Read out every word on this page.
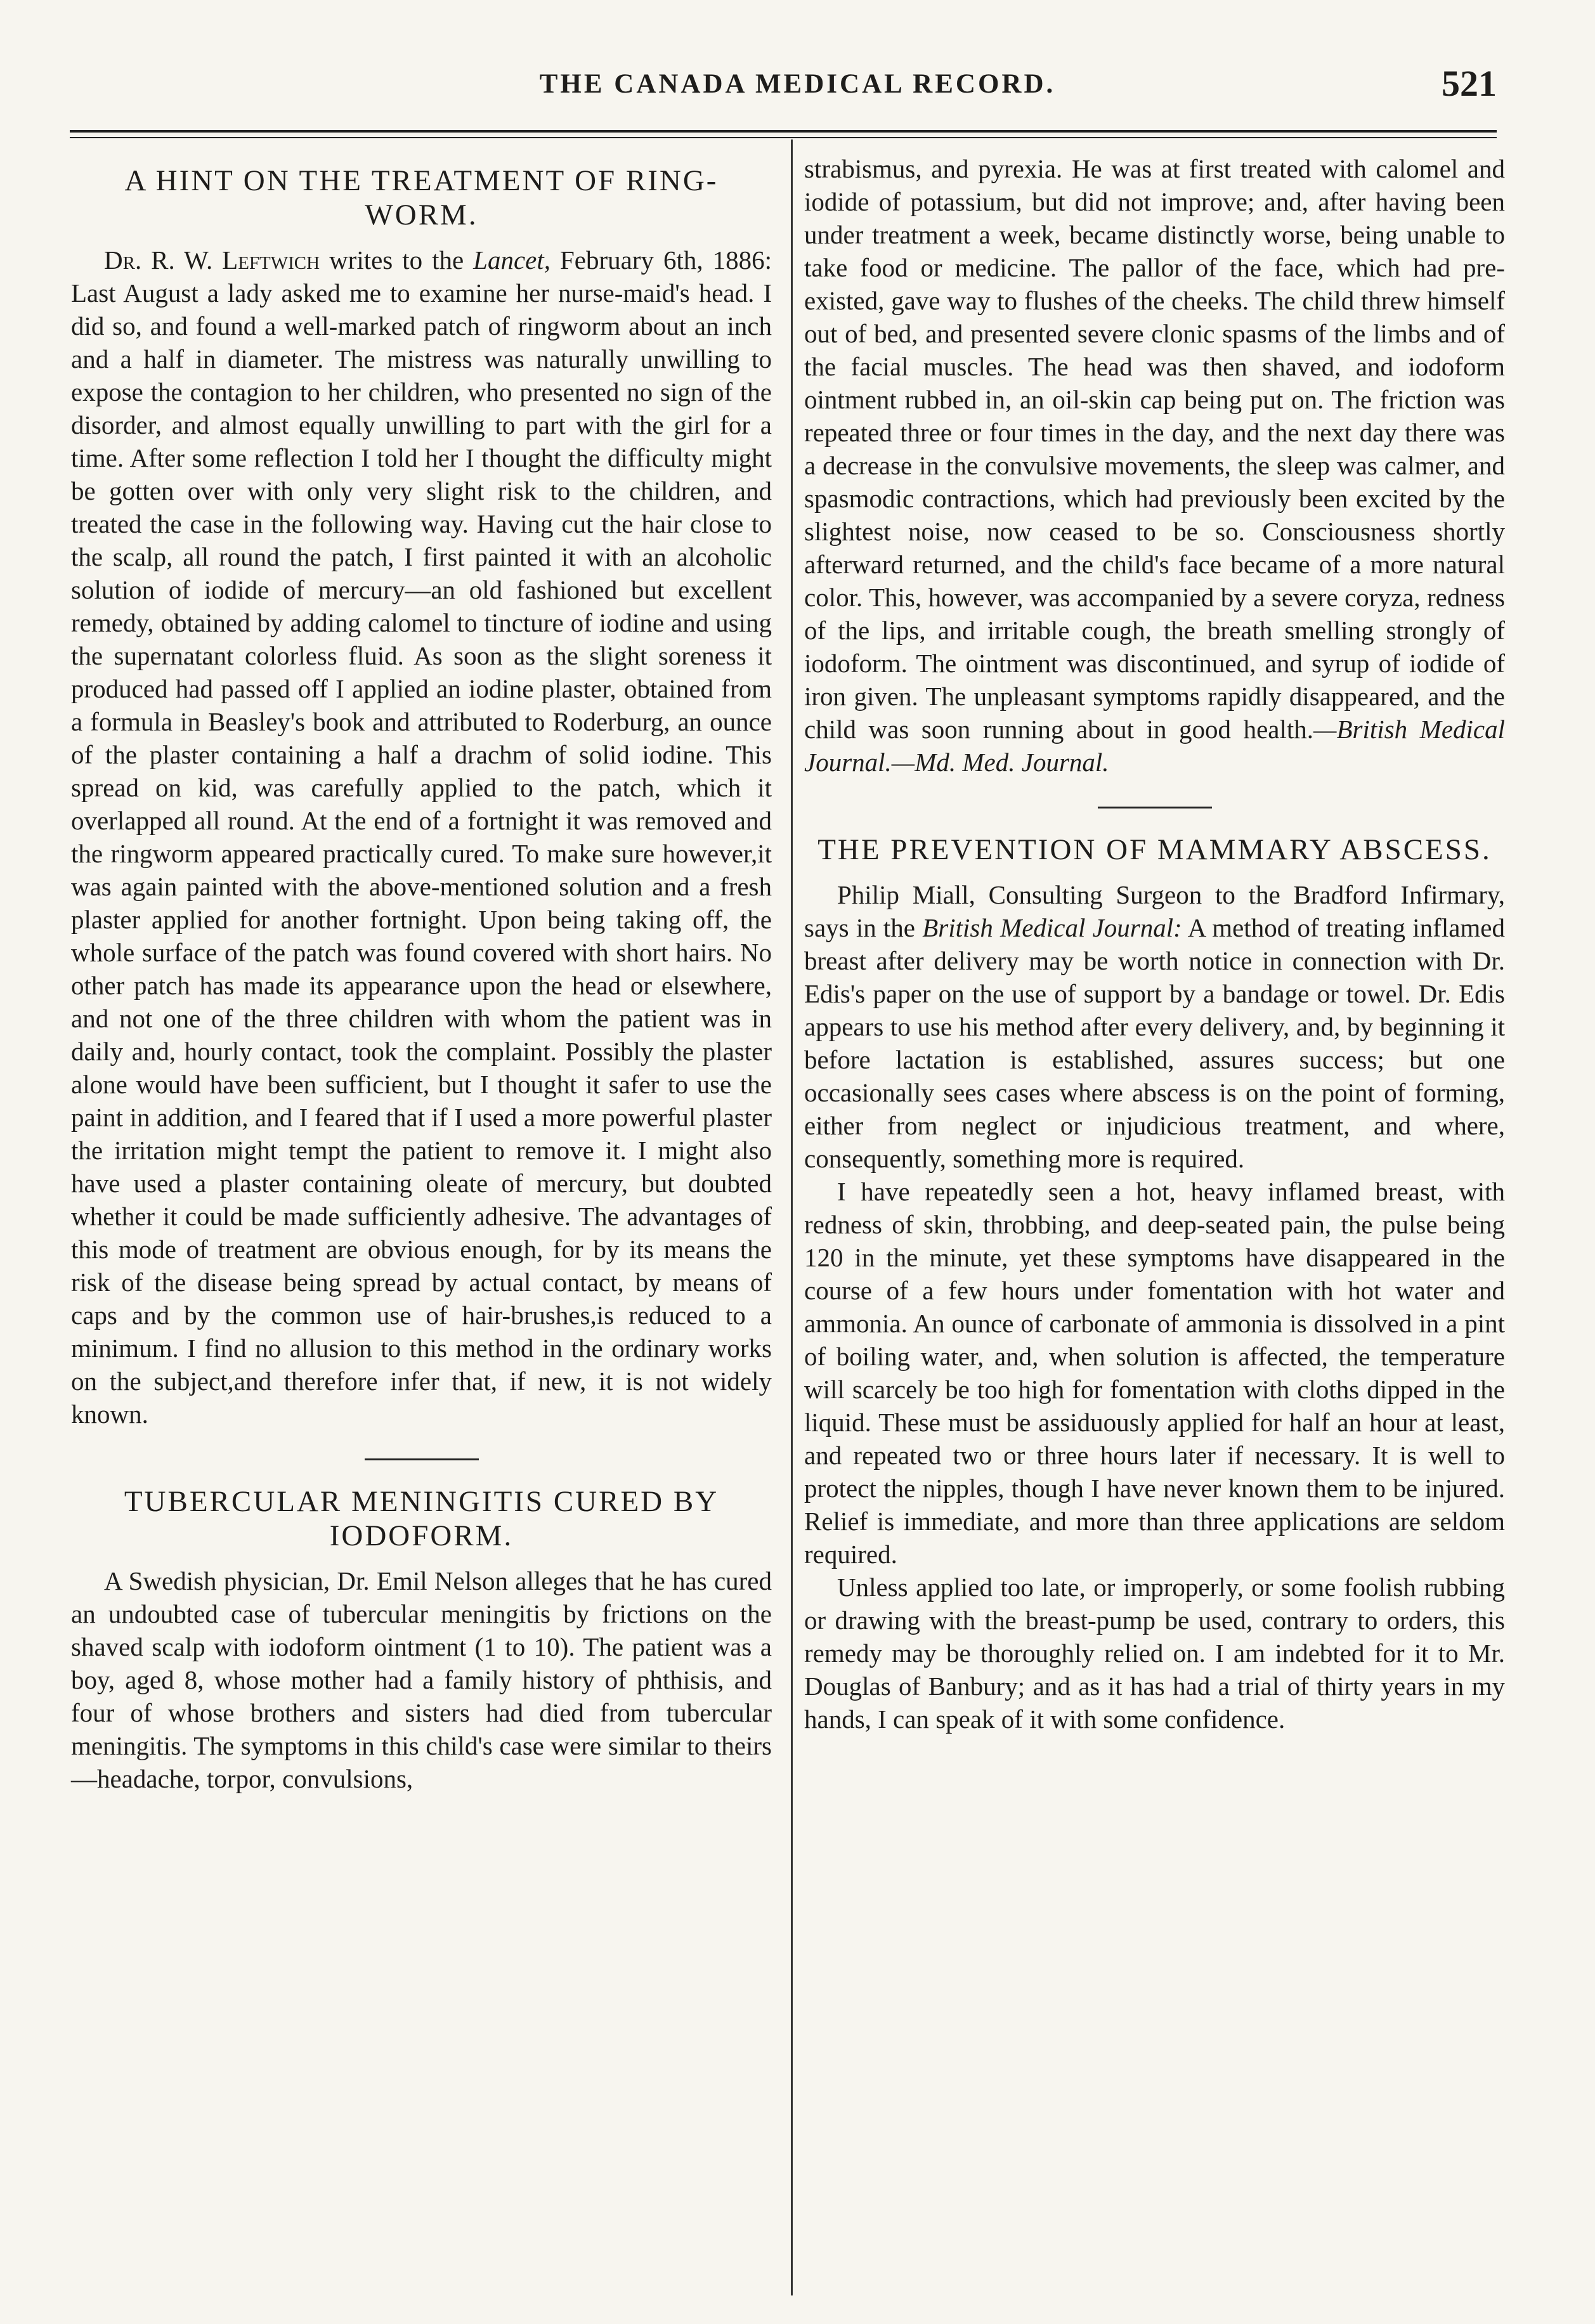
THE CANADA MEDICAL RECORD.	521
A HINT ON THE TREATMENT OF RING-WORM.

Dr. R. W. Leftwich writes to the Lancet, February 6th, 1886: Last August a lady asked me to examine her nurse-maid's head. I did so, and found a well-marked patch of ringworm about an inch and a half in diameter. The mistress was naturally unwilling to expose the contagion to her children, who presented no sign of the disorder, and almost equally unwilling to part with the girl for a time. After some reflection I told her I thought the difficulty might be gotten over with only very slight risk to the children, and treated the case in the following way. Having cut the hair close to the scalp, all round the patch, I first painted it with an alcoholic solution of iodide of mercury—an old fashioned but excellent remedy, obtained by adding calomel to tincture of iodine and using the supernatant colorless fluid. As soon as the slight soreness it produced had passed off I applied an iodine plaster, obtained from a formula in Beasley's book and attributed to Roderburg, an ounce of the plaster containing a half a drachm of solid iodine. This spread on kid, was carefully applied to the patch, which it overlapped all round. At the end of a fortnight it was removed and the ringworm appeared practically cured. To make sure however,it was again painted with the above-mentioned solution and a fresh plaster applied for another fortnight. Upon being taking off, the whole surface of the patch was found covered with short hairs. No other patch has made its appearance upon the head or elsewhere, and not one of the three children with whom the patient was in daily and, hourly contact, took the complaint. Possibly the plaster alone would have been sufficient, but I thought it safer to use the paint in addition, and I feared that if I used a more powerful plaster the irritation might tempt the patient to remove it. I might also have used a plaster containing oleate of mercury, but doubted whether it could be made sufficiently adhesive. The advantages of this mode of treatment are obvious enough, for by its means the risk of the disease being spread by actual contact, by means of caps and by the common use of hair-brushes,is reduced to a minimum. I find no allusion to this method in the ordinary works on the subject,and therefore infer that, if new, it is not widely known.

TUBERCULAR MENINGITIS CURED BY IODOFORM.

A Swedish physician, Dr. Emil Nelson alleges that he has cured an undoubted case of tubercular meningitis by frictions on the shaved scalp with iodoform ointment (1 to 10). The patient was a boy, aged 8, whose mother had a family history of phthisis, and four of whose brothers and sisters had died from tubercular meningitis. The symptoms in this child's case were similar to theirs—headache, torpor, convulsions,

strabismus, and pyrexia. He was at first treated with calomel and iodide of potassium, but did not improve; and, after having been under treatment a week, became distinctly worse, being unable to take food or medicine. The pallor of the face, which had pre-existed, gave way to flushes of the cheeks. The child threw himself out of bed, and presented severe clonic spasms of the limbs and of the facial muscles. The head was then shaved, and iodoform ointment rubbed in, an oil-skin cap being put on. The friction was repeated three or four times in the day, and the next day there was a decrease in the convulsive movements, the sleep was calmer, and spasmodic contractions, which had previously been excited by the slightest noise, now ceased to be so. Consciousness shortly afterward returned, and the child's face became of a more natural color. This, however, was accompanied by a severe coryza, redness of the lips, and irritable cough, the breath smelling strongly of iodoform. The ointment was discontinued, and syrup of iodide of iron given. The unpleasant symptoms rapidly disappeared, and the child was soon running about in good health.—British Medical Journal.—Md. Med. Journal.

THE PREVENTION OF MAMMARY ABSCESS.

Philip Miall, Consulting Surgeon to the Bradford Infirmary, says in the British Medical Journal: A method of treating inflamed breast after delivery may be worth notice in connection with Dr. Edis's paper on the use of support by a bandage or towel. Dr. Edis appears to use his method after every delivery, and, by beginning it before lactation is established, assures success; but one occasionally sees cases where abscess is on the point of forming, either from neglect or injudicious treatment, and where, consequently, something more is required.

I have repeatedly seen a hot, heavy inflamed breast, with redness of skin, throbbing, and deep-seated pain, the pulse being 120 in the minute, yet these symptoms have disappeared in the course of a few hours under fomentation with hot water and ammonia. An ounce of carbonate of ammonia is dissolved in a pint of boiling water, and, when solution is affected, the temperature will scarcely be too high for fomentation with cloths dipped in the liquid. These must be assiduously applied for half an hour at least, and repeated two or three hours later if necessary. It is well to protect the nipples, though I have never known them to be injured. Relief is immediate, and more than three applications are seldom required.

Unless applied too late, or improperly, or some foolish rubbing or drawing with the breast-pump be used, contrary to orders, this remedy may be thoroughly relied on. I am indebted for it to Mr. Douglas of Banbury; and as it has had a trial of thirty years in my hands, I can speak of it with some confidence.
